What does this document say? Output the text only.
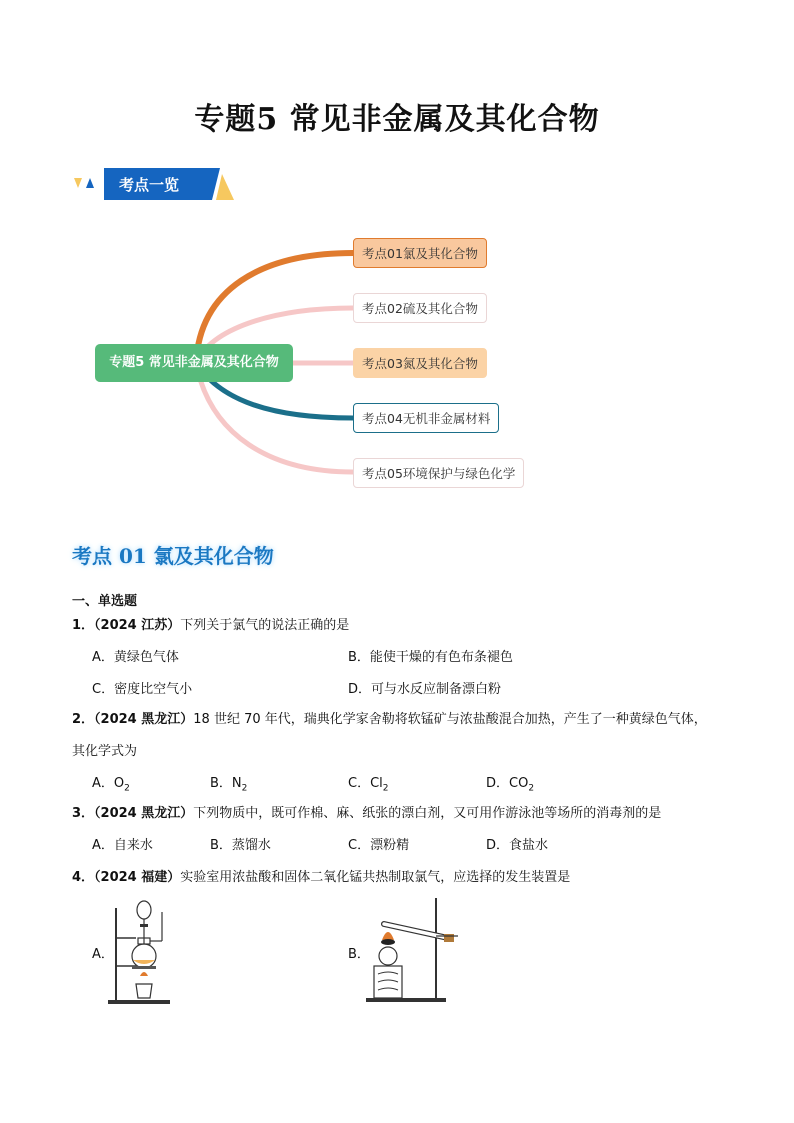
专题5 常见非金属及其化合物
考点一览
专题5 常见非金属及其化合物
考点01氯及其化合物
考点02硫及其化合物
考点03氮及其化合物
考点04无机非金属材料
考点05环境保护与绿色化学
考点 01 氯及其化合物
一、单选题
1．（2024 江苏）下列关于氯气的说法正确的是
A．黄绿色气体	B．能使干燥的有色布条褪色
C．密度比空气小	D．可与水反应制备漂白粉
2．（2024 黑龙江）18 世纪 70 年代，瑞典化学家舍勒将软锰矿与浓盐酸混合加热，产生了一种黄绿色气体，
其化学式为
A．$O_2$	B．$N_2$	C．$Cl_2$	D．$CO_2$
3．（2024 黑龙江）下列物质中，既可作棉、麻、纸张的漂白剂，又可用作游泳池等场所的消毒剂的是
A．自来水	B．蒸馏水	C．漂粉精	D．食盐水
4．（2024 福建）实验室用浓盐酸和固体二氧化锰共热制取氯气，应选择的发生装置是
A．	B．
